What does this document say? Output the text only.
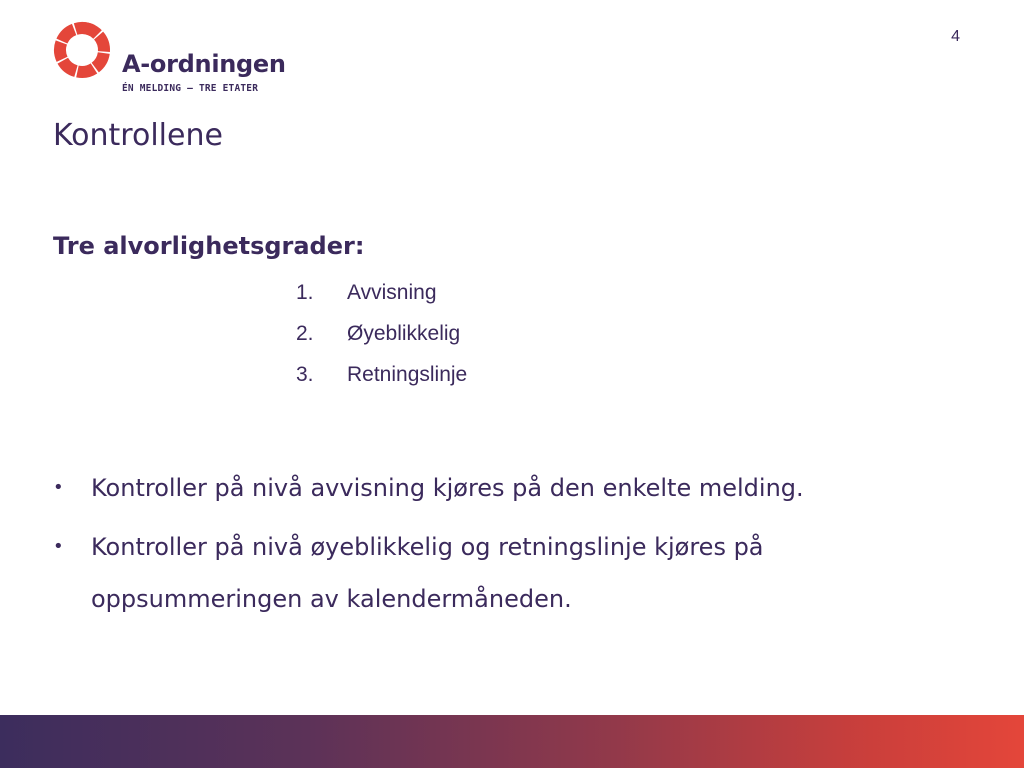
A-ordningen
ÉN MELDING – TRE ETATER
4
Kontrollene
Tre alvorlighetsgrader:
1.	Avvisning
2.	Øyeblikkelig
3.	Retningslinje
• Kontroller på nivå avvisning kjøres på den enkelte melding.
• Kontroller på nivå øyeblikkelig og retningslinje kjøres på oppsummeringen av kalendermåneden.
